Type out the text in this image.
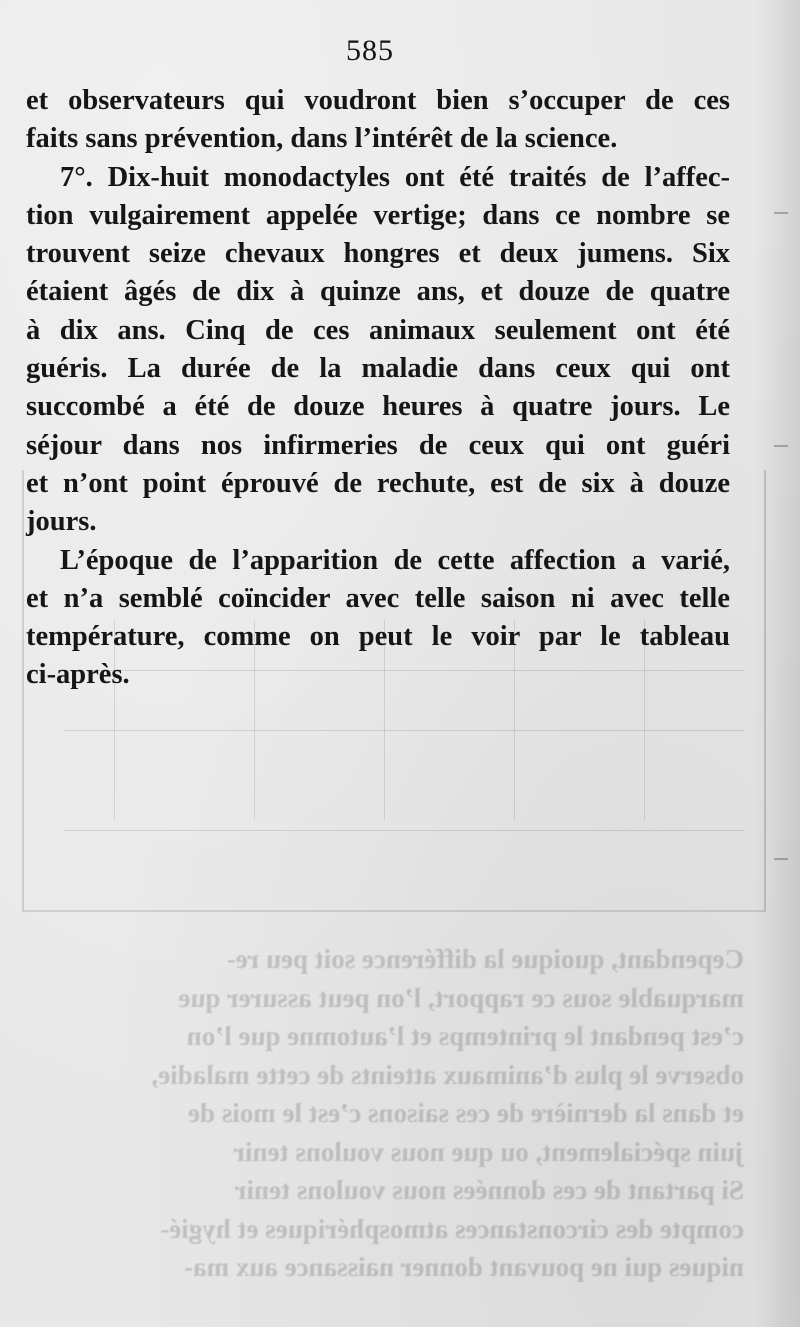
Cependant, quoique la différence soit peu re-
marquable sous ce rapport, l’on peut assurer que
c’est pendant le printemps et l’automne que l’on
observe le plus d’animaux atteints de cette maladie,
et dans la dernière de ces saisons c’est le mois de
juin spécialement, ou que nous voulons tenir
Si partant de ces données nous voulons tenir
compte des circonstances atmosphériques et hygié-
niques qui ne pouvant donner naissance aux ma-
585
et observateurs qui voudront bien s’occuper de ces
faits sans prévention, dans l’intérêt de la science.
7°. Dix-huit monodactyles ont été traités de l’affec-
tion vulgairement appelée vertige; dans ce nombre se
trouvent seize chevaux hongres et deux jumens. Six
étaient âgés de dix à quinze ans, et douze de quatre
à dix ans. Cinq de ces animaux seulement ont été
guéris. La durée de la maladie dans ceux qui ont
succombé a été de douze heures à quatre jours. Le
séjour dans nos infirmeries de ceux qui ont guéri
et n’ont point éprouvé de rechute, est de six à douze
jours.
L’époque de l’apparition de cette affection a varié,
et n’a semblé coïncider avec telle saison ni avec telle
température, comme on peut le voir par le tableau
ci-après.
